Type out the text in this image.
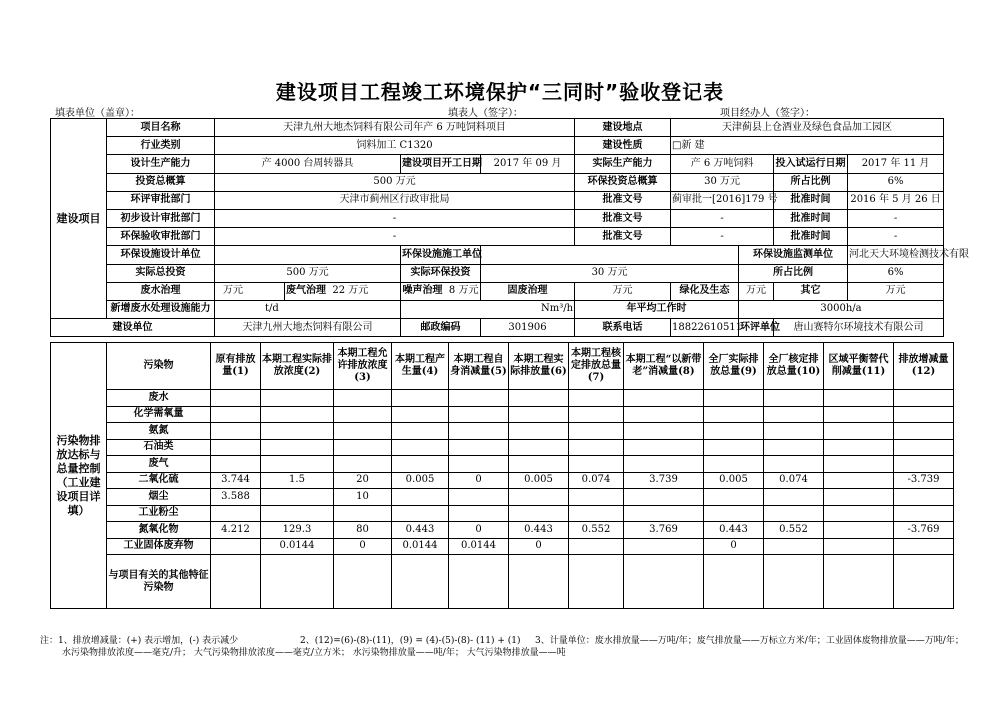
建设项目工程竣工环境保护“三同时”验收登记表
填表单位（盖章）：	填表人（签字）：	项目经办人（签字）：
建设项目	项目名称	天津九州大地杰饲料有限公司年产 6 万吨饲料项目				建设地点	天津蓟县上仓酒业及绿色食品加工园区			
	行业类别	饲料加工 C1320				建设性质	□新 建			
	设计生产能力	产 4000 台周转器具		建设项目开工日期	2017 年 09 月	实际生产能力	产 6 万吨饲料		投入试运行日期	2017 年 11 月
	投资总概算	500 万元				环保投资总概算	30 万元		所占比例	6%
	环评审批部门	天津市蓟州区行政审批局				批准文号	蓟审批一[2016]179 号		批准时间	2016 年 5 月 26 日
	初步设计审批部门	-				批准文号	-		批准时间	-
	环保验收审批部门	-				批准文号	-		批准时间	-
	环保设施设计单位			环保设施施工单位				环保设施监测单位		河北天大环境检测技术有限
	实际总投资	500 万元		实际环保投资	30 万元			所占比例		6%
	废水治理	万元	废气治理 22 万元	噪声治理 8 万元	固废治理	万元	绿化及生态	万元	其它	万元
	新增废水处理设施能力	t/d		Nm³/h		年平均工作时		3000h/a		
建设单位		天津九州大地杰饲料有限公司		邮政编码	301906	联系电话	18822610511	环评单位	唐山赛特尔环境技术有限公司	
污染物排放达标与总量控制（工业建设项目详填）	污染物	原有排放量(1)	本期工程实际排放浓度(2)	本期工程允许排放浓度(3)	本期工程产生量(4)	本期工程自身消减量(5)	本期工程实际排放量(6)	本期工程核定排放总量(7)	本期工程“以新带老”消减量(8)	全厂实际排放总量(9)	全厂核定排放总量(10)	区域平衡替代削减量(11)	排放增减量(12)
	废水												
	化学需氧量												
	氨氮												
	石油类												
	废气												
	二氧化硫	3.744	1.5	20	0.005	0	0.005	0.074	3.739	0.005	0.074		-3.739
	烟尘	3.588		10									
	工业粉尘												
	氮氧化物	4.212	129.3	80	0.443	0	0.443	0.552	3.769	0.443	0.552		-3.769
	工业固体废弃物		0.0144	0	0.0144	0.0144	0			0			
	与项目有关的其他特征污染物												
注：1、排放增减量：(+) 表示增加，(-) 表示减少	2、(12)=(6)-(8)-(11)，(9) = (4)-(5)-(8)- (11) + (1) 3、计量单位：废水排放量——万吨/年；废气排放量——万标立方米/年；工业固体废物排放量——万吨/年；
水污染物排放浓度——毫克/升； 大气污染物排放浓度——毫克/立方米； 水污染物排放量——吨/年； 大气污染物排放量——吨
